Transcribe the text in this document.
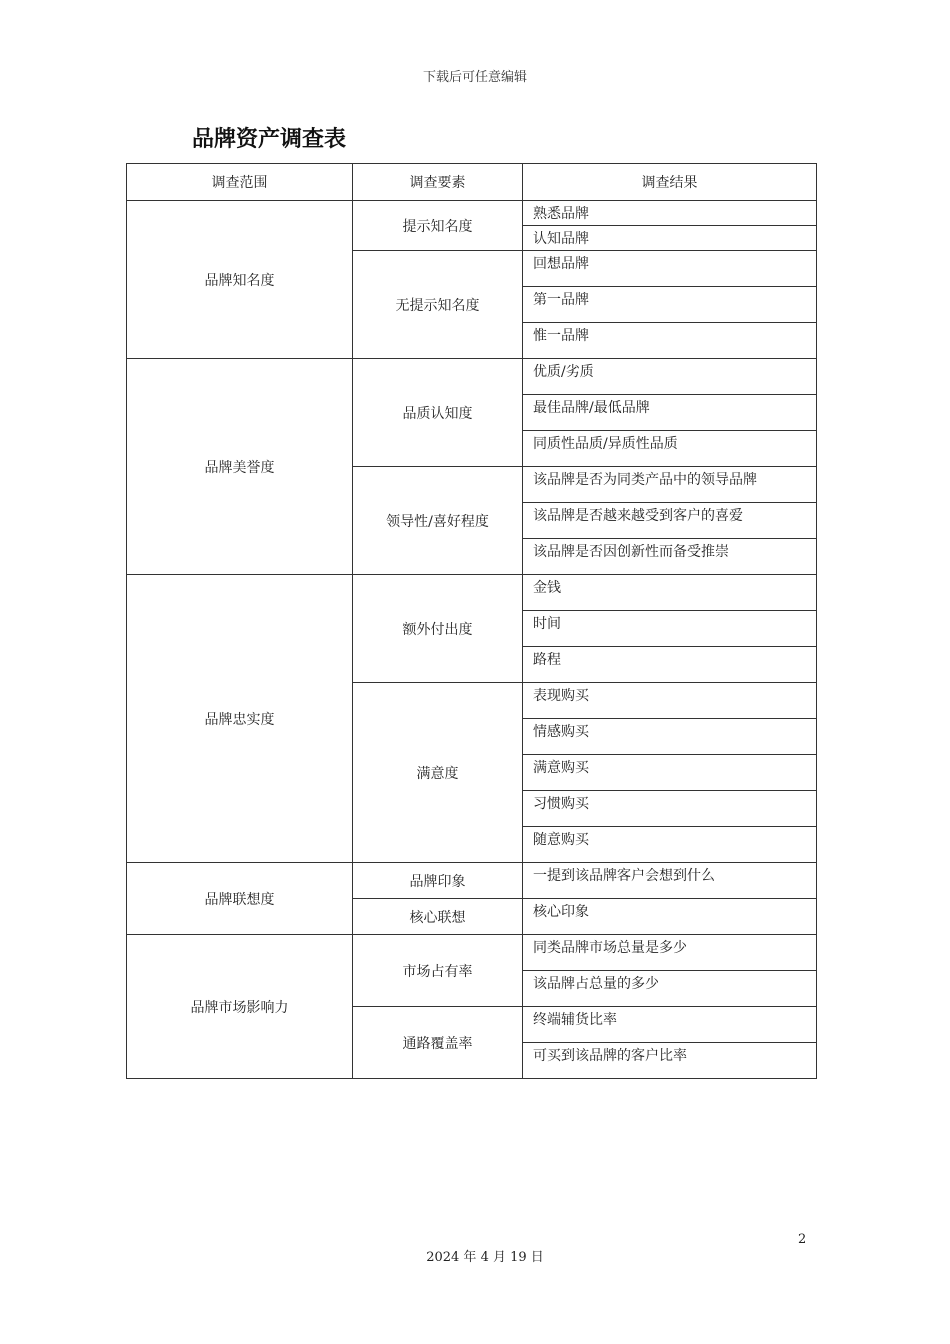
下载后可任意编辑
品牌资产调查表
调查范围	调查要素	调查结果
品牌知名度	提示知名度	熟悉品牌
		认知品牌
	无提示知名度	回想品牌
		第一品牌
		惟一品牌
品牌美誉度	品质认知度	优质/劣质
		最佳品牌/最低品牌
		同质性品质/异质性品质
	领导性/喜好程度	该品牌是否为同类产品中的领导品牌
		该品牌是否越来越受到客户的喜爱
		该品牌是否因创新性而备受推崇
品牌忠实度	额外付出度	金钱
		时间
		路程
	满意度	表现购买
		情感购买
		满意购买
		习惯购买
		随意购买
品牌联想度	品牌印象	一提到该品牌客户会想到什么
	核心联想	核心印象
品牌市场影响力	市场占有率	同类品牌市场总量是多少
		该品牌占总量的多少
	通路覆盖率	终端辅货比率
		可买到该品牌的客户比率
2
2024 年 4 月 19 日
